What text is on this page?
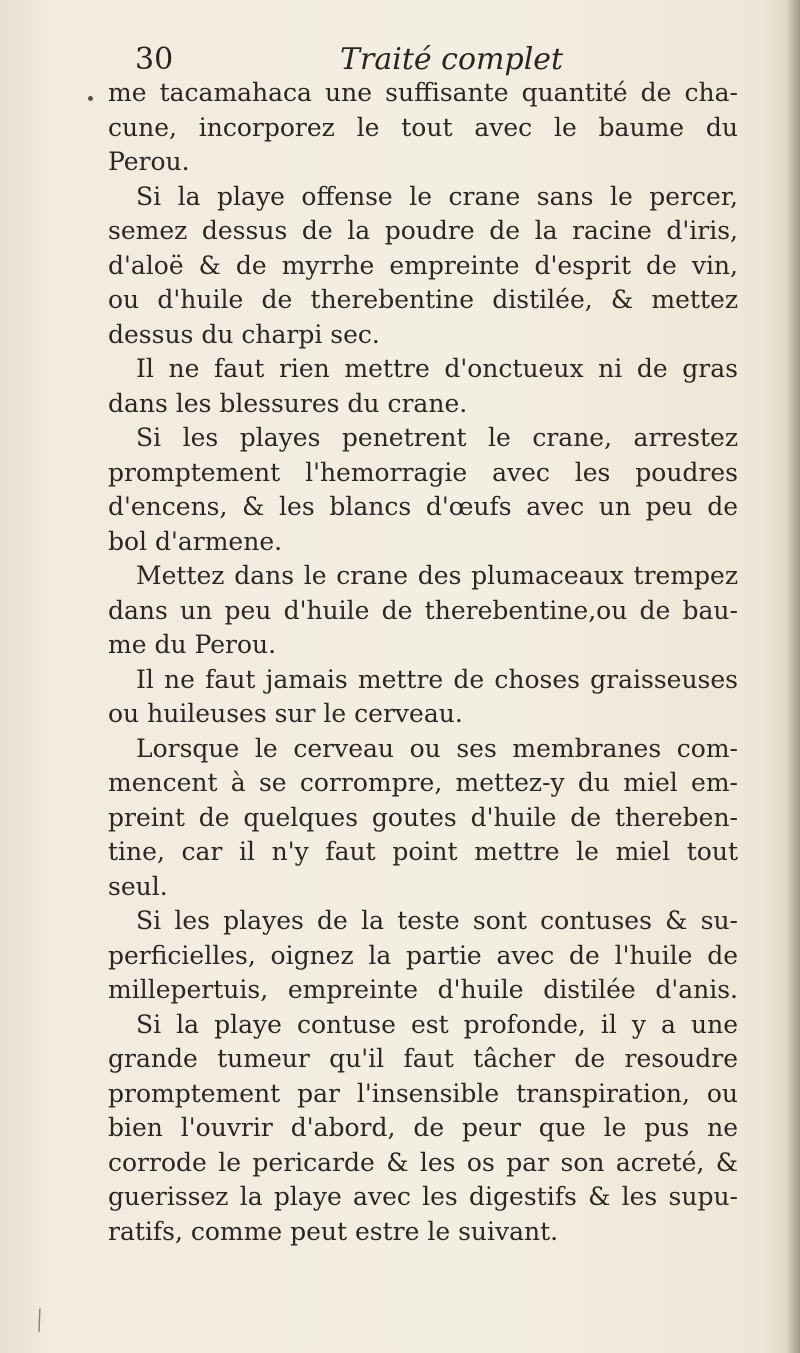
30	Traité complet
me tacamahaca une suffisante quantité de cha-
cune, incorporez le tout avec le baume du
Perou.
Si la playe offense le crane sans le percer,
semez dessus de la poudre de la racine d'iris,
d'aloë & de myrrhe empreinte d'esprit de vin,
ou d'huile de therebentine distilée, & mettez
dessus du charpi sec.
Il ne faut rien mettre d'onctueux ni de gras
dans les blessures du crane.
Si les playes penetrent le crane, arrestez
promptement l'hemorragie avec les poudres
d'encens, & les blancs d'œufs avec un peu de
bol d'armene.
Mettez dans le crane des plumaceaux trempez
dans un peu d'huile de therebentine,ou de bau-
me du Perou.
Il ne faut jamais mettre de choses graisseuses
ou huileuses sur le cerveau.
Lorsque le cerveau ou ses membranes com-
mencent à se corrompre, mettez-y du miel em-
preint de quelques goutes d'huile de thereben-
tine, car il n'y faut point mettre le miel tout
seul.
Si les playes de la teste sont contuses & su-
perficielles, oignez la partie avec de l'huile de
millepertuis, empreinte d'huile distilée d'anis.
Si la playe contuse est profonde, il y a une
grande tumeur qu'il faut tâcher de resoudre
promptement par l'insensible transpiration, ou
bien l'ouvrir d'abord, de peur que le pus ne
corrode le pericarde & les os par son acreté, &
guerissez la playe avec les digestifs & les supu-
ratifs, comme peut estre le suivant.
╱
